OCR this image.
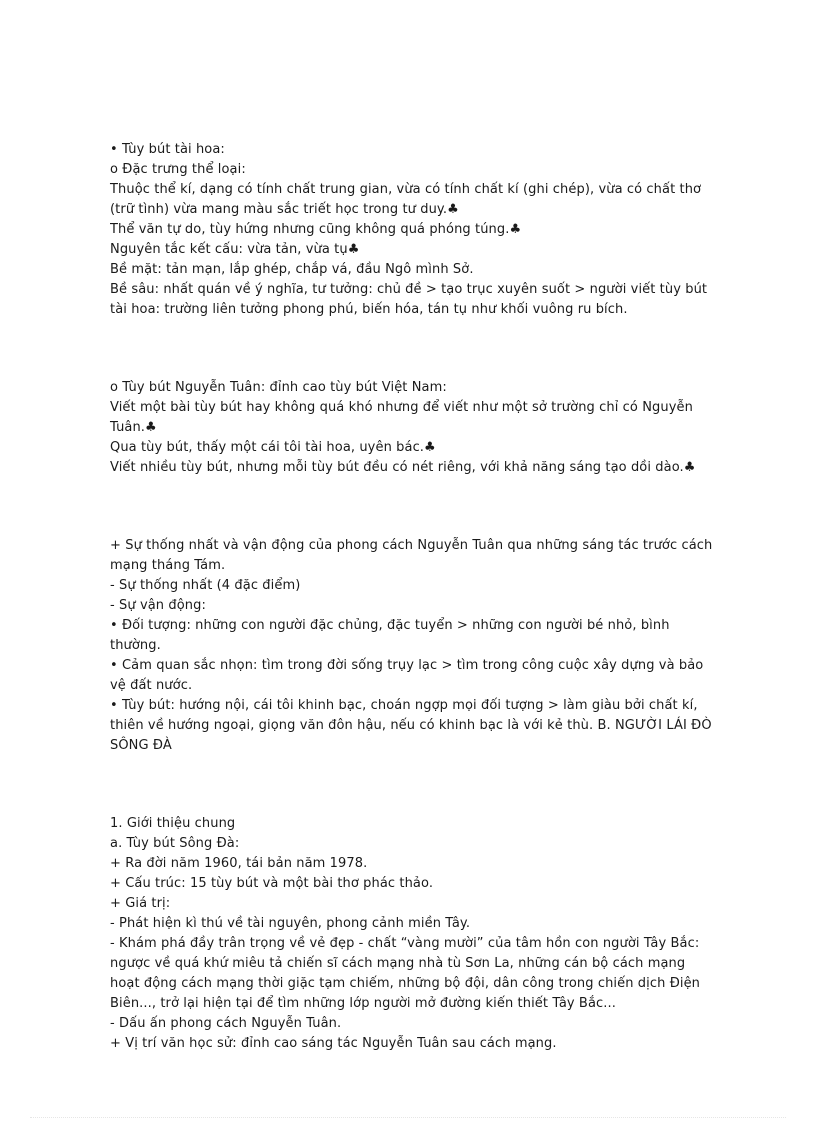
• Tùy bút tài hoa:
o Đặc trưng thể loại:
Thuộc thể kí, dạng có tính chất trung gian, vừa có tính chất kí (ghi chép), vừa có chất thơ (trữ tình) vừa mang màu sắc triết học trong tư duy.♣
Thể văn tự do, tùy hứng nhưng cũng không quá phóng túng.♣
Nguyên tắc kết cấu: vừa tản, vừa tụ♣
Bề mặt: tản mạn, lắp ghép, chắp vá, đầu Ngô mình Sở.
Bề sâu: nhất quán về ý nghĩa, tư tưởng: chủ đề > tạo trục xuyên suốt > người viết tùy bút tài hoa: trường liên tưởng phong phú, biến hóa, tán tụ như khối vuông ru bích.
o Tùy bút Nguyễn Tuân: đỉnh cao tùy bút Việt Nam:
Viết một bài tùy bút hay không quá khó nhưng để viết như một sở trường chỉ có Nguyễn Tuân.♣
Qua tùy bút, thấy một cái tôi tài hoa, uyên bác.♣
Viết nhiều tùy bút, nhưng mỗi tùy bút đều có nét riêng, với khả năng sáng tạo dồi dào.♣
+ Sự thống nhất và vận động của phong cách Nguyễn Tuân qua những sáng tác trước cách mạng tháng Tám.
- Sự thống nhất (4 đặc điểm)
- Sự vận động:
• Đối tượng: những con người đặc chủng, đặc tuyển > những con người bé nhỏ, bình thường.
• Cảm quan sắc nhọn: tìm trong đời sống trụy lạc > tìm trong công cuộc xây dựng và bảo vệ đất nước.
• Tùy bút: hướng nội, cái tôi khinh bạc, choán ngợp mọi đối tượng > làm giàu bởi chất kí, thiên về hướng ngoại, giọng văn đôn hậu, nếu có khinh bạc là với kẻ thù. B. NGƯỜI LÁI ĐÒ SÔNG ĐÀ
1. Giới thiệu chung
a. Tùy bút Sông Đà:
+ Ra đời năm 1960, tái bản năm 1978.
+ Cấu trúc: 15 tùy bút và một bài thơ phác thảo.
+ Giá trị:
- Phát hiện kì thú về tài nguyên, phong cảnh miền Tây.
- Khám phá đầy trân trọng về vẻ đẹp - chất “vàng mười” của tâm hồn con người Tây Bắc: ngược về quá khứ miêu tả chiến sĩ cách mạng nhà tù Sơn La, những cán bộ cách mạng hoạt động cách mạng thời giặc tạm chiếm, những bộ đội, dân công trong chiến dịch Điện Biên..., trở lại hiện tại để tìm những lớp người mở đường kiến thiết Tây Bắc...
- Dấu ấn phong cách Nguyễn Tuân.
+ Vị trí văn học sử: đỉnh cao sáng tác Nguyễn Tuân sau cách mạng.
